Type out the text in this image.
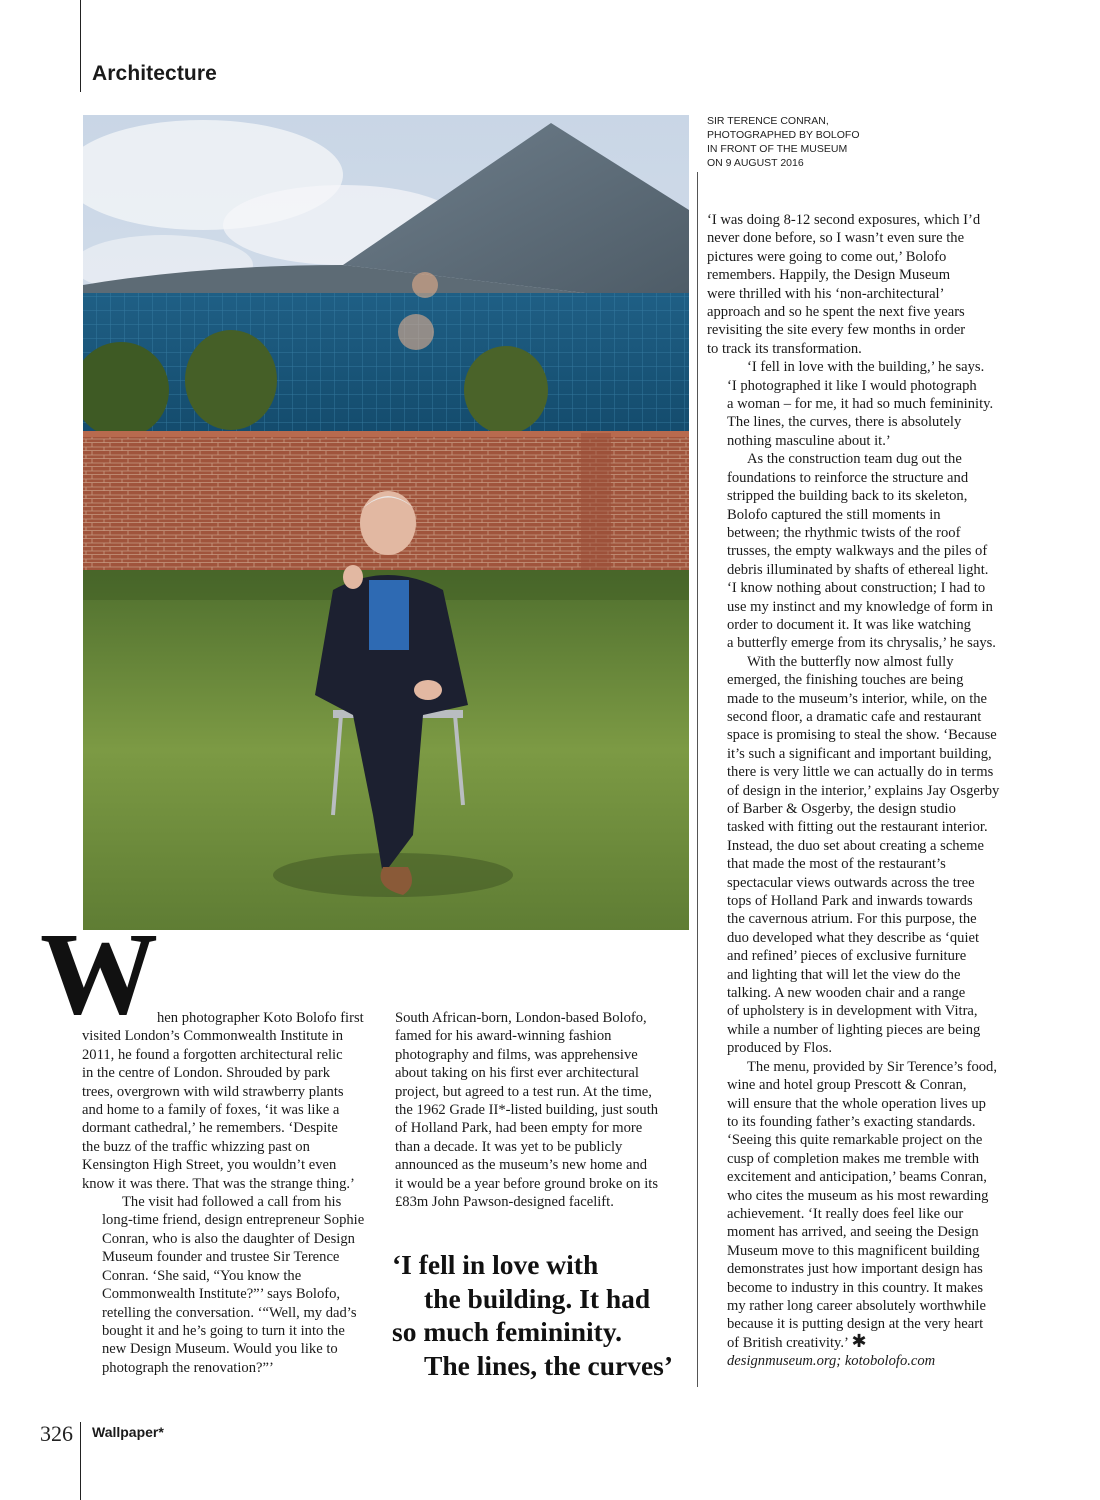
Architecture
SIR TERENCE CONRAN,
PHOTOGRAPHED BY BOLOFO
IN FRONT OF THE MUSEUM
ON 9 AUGUST 2016
W hen photographer Koto Bolofo first
visited London’s Commonwealth Institute in
2011, he found a forgotten architectural relic
in the centre of London. Shrouded by park
trees, overgrown with wild strawberry plants
and home to a family of foxes, ‘it was like a
dormant cathedral,’ he remembers. ‘Despite
the buzz of the traffic whizzing past on
Kensington High Street, you wouldn’t even
know it was there. That was the strange thing.’

The visit had followed a call from his
long-time friend, design entrepreneur Sophie
Conran, who is also the daughter of Design
Museum founder and trustee Sir Terence
Conran. ‘She said, “You know the
Commonwealth Institute?”’ says Bolofo,
retelling the conversation. ‘“Well, my dad’s
bought it and he’s going to turn it into the
new Design Museum. Would you like to
photograph the renovation?”’

South African-born, London-based Bolofo,
famed for his award-winning fashion
photography and films, was apprehensive
about taking on his first ever architectural
project, but agreed to a test run. At the time,
the 1962 Grade II*-listed building, just south
of Holland Park, had been empty for more
than a decade. It was yet to be publicly
announced as the museum’s new home and
it would be a year before ground broke on its
£83m John Pawson-designed facelift.

‘I fell in love with
the building. It had
so much femininity.
The lines, the curves’

‘I was doing 8-12 second exposures, which I’d
never done before, so I wasn’t even sure the
pictures were going to come out,’ Bolofo
remembers. Happily, the Design Museum
were thrilled with his ‘non-architectural’
approach and so he spent the next five years
revisiting the site every few months in order
to track its transformation.

‘I fell in love with the building,’ he says.
‘I photographed it like I would photograph
a woman – for me, it had so much femininity.
The lines, the curves, there is absolutely
nothing masculine about it.’

As the construction team dug out the
foundations to reinforce the structure and
stripped the building back to its skeleton,
Bolofo captured the still moments in
between; the rhythmic twists of the roof
trusses, the empty walkways and the piles of
debris illuminated by shafts of ethereal light.
‘I know nothing about construction; I had to
use my instinct and my knowledge of form in
order to document it. It was like watching
a butterfly emerge from its chrysalis,’ he says.

With the butterfly now almost fully
emerged, the finishing touches are being
made to the museum’s interior, while, on the
second floor, a dramatic cafe and restaurant
space is promising to steal the show. ‘Because
it’s such a significant and important building,
there is very little we can actually do in terms
of design in the interior,’ explains Jay Osgerby
of Barber & Osgerby, the design studio
tasked with fitting out the restaurant interior.
Instead, the duo set about creating a scheme
that made the most of the restaurant’s
spectacular views outwards across the tree
tops of Holland Park and inwards towards
the cavernous atrium. For this purpose, the
duo developed what they describe as ‘quiet
and refined’ pieces of exclusive furniture
and lighting that will let the view do the
talking. A new wooden chair and a range
of upholstery is in development with Vitra,
while a number of lighting pieces are being
produced by Flos.

The menu, provided by Sir Terence’s food,
wine and hotel group Prescott & Conran,
will ensure that the whole operation lives up
to its founding father’s exacting standards.
‘Seeing this quite remarkable project on the
cusp of completion makes me tremble with
excitement and anticipation,’ beams Conran,
who cites the museum as his most rewarding
achievement. ‘It really does feel like our
moment has arrived, and seeing the Design
Museum move to this magnificent building
demonstrates just how important design has
become to industry in this country. It makes
my rather long career absolutely worthwhile
because it is putting design at the very heart
of British creativity.’ ✱
designmuseum.org; kotobolofo.com

326 Wallpaper*
